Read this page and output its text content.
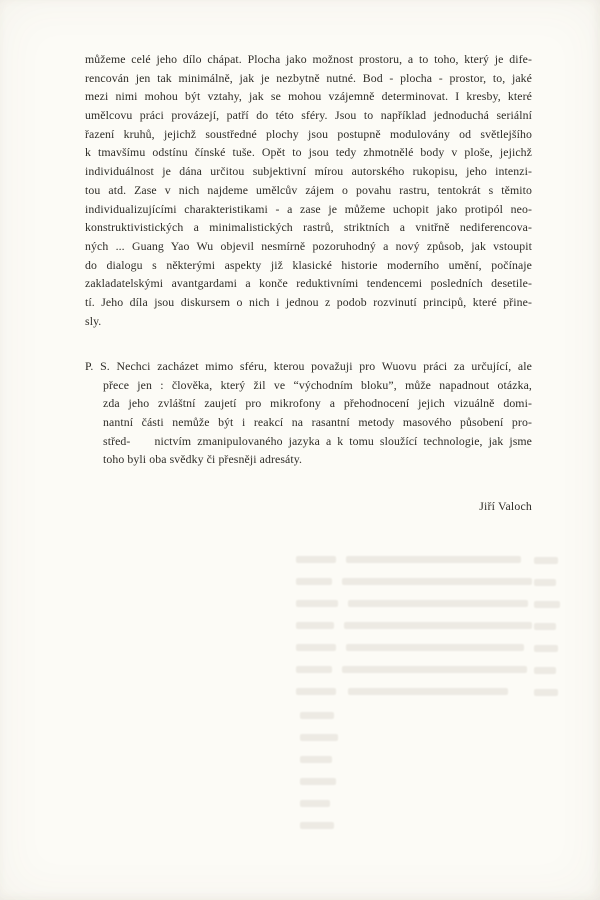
můžeme celé jeho dílo chápat. Plocha jako možnost prostoru, a to toho, který je dife-
rencován jen tak minimálně, jak je nezbytně nutné. Bod - plocha - prostor, to, jaké
mezi nimi mohou být vztahy, jak se mohou vzájemně determinovat. I kresby, které
umělcovu práci provázejí, patří do této sféry. Jsou to například jednoduchá seriální
řazení kruhů, jejichž soustředné plochy jsou postupně modulovány od světlejšího
k tmavšímu odstínu čínské tuše. Opět to jsou tedy zhmotnělé body v ploše, jejichž
individuálnost je dána určitou subjektivní mírou autorského rukopisu, jeho intenzi-
tou atd. Zase v nich najdeme umělcův zájem o povahu rastru, tentokrát s těmito
individualizujícími charakteristikami - a zase je můžeme uchopit jako protipól neo-
konstruktivistických a minimalistických rastrů, striktních a vnitřně nediferencova-
ných ... Guang Yao Wu objevil nesmírně pozoruhodný a nový způsob, jak vstoupit
do dialogu s některými aspekty již klasické historie moderního umění, počínaje
zakladatelskými avantgardami a konče reduktivními tendencemi posledních desetile-
tí. Jeho díla jsou diskursem o nich i jednou z podob rozvinutí principů, které přine-
sly.
P. S. Nechci zacházet mimo sféru, kterou považuji pro Wuovu práci za určující, ale
přece jen : člověka, který žil ve “východním bloku”, může napadnout otázka,
zda jeho zvláštní zaujetí pro mikrofony a přehodnocení jejich vizuálně domi-
nantní části nemůže být i reakcí na rasantní metody masového působení pro-
střed-    nictvím zmanipulovaného jazyka a k tomu sloužící technologie, jak jsme
toho byli oba svědky či přesněji adresáty.
Jiří Valoch
